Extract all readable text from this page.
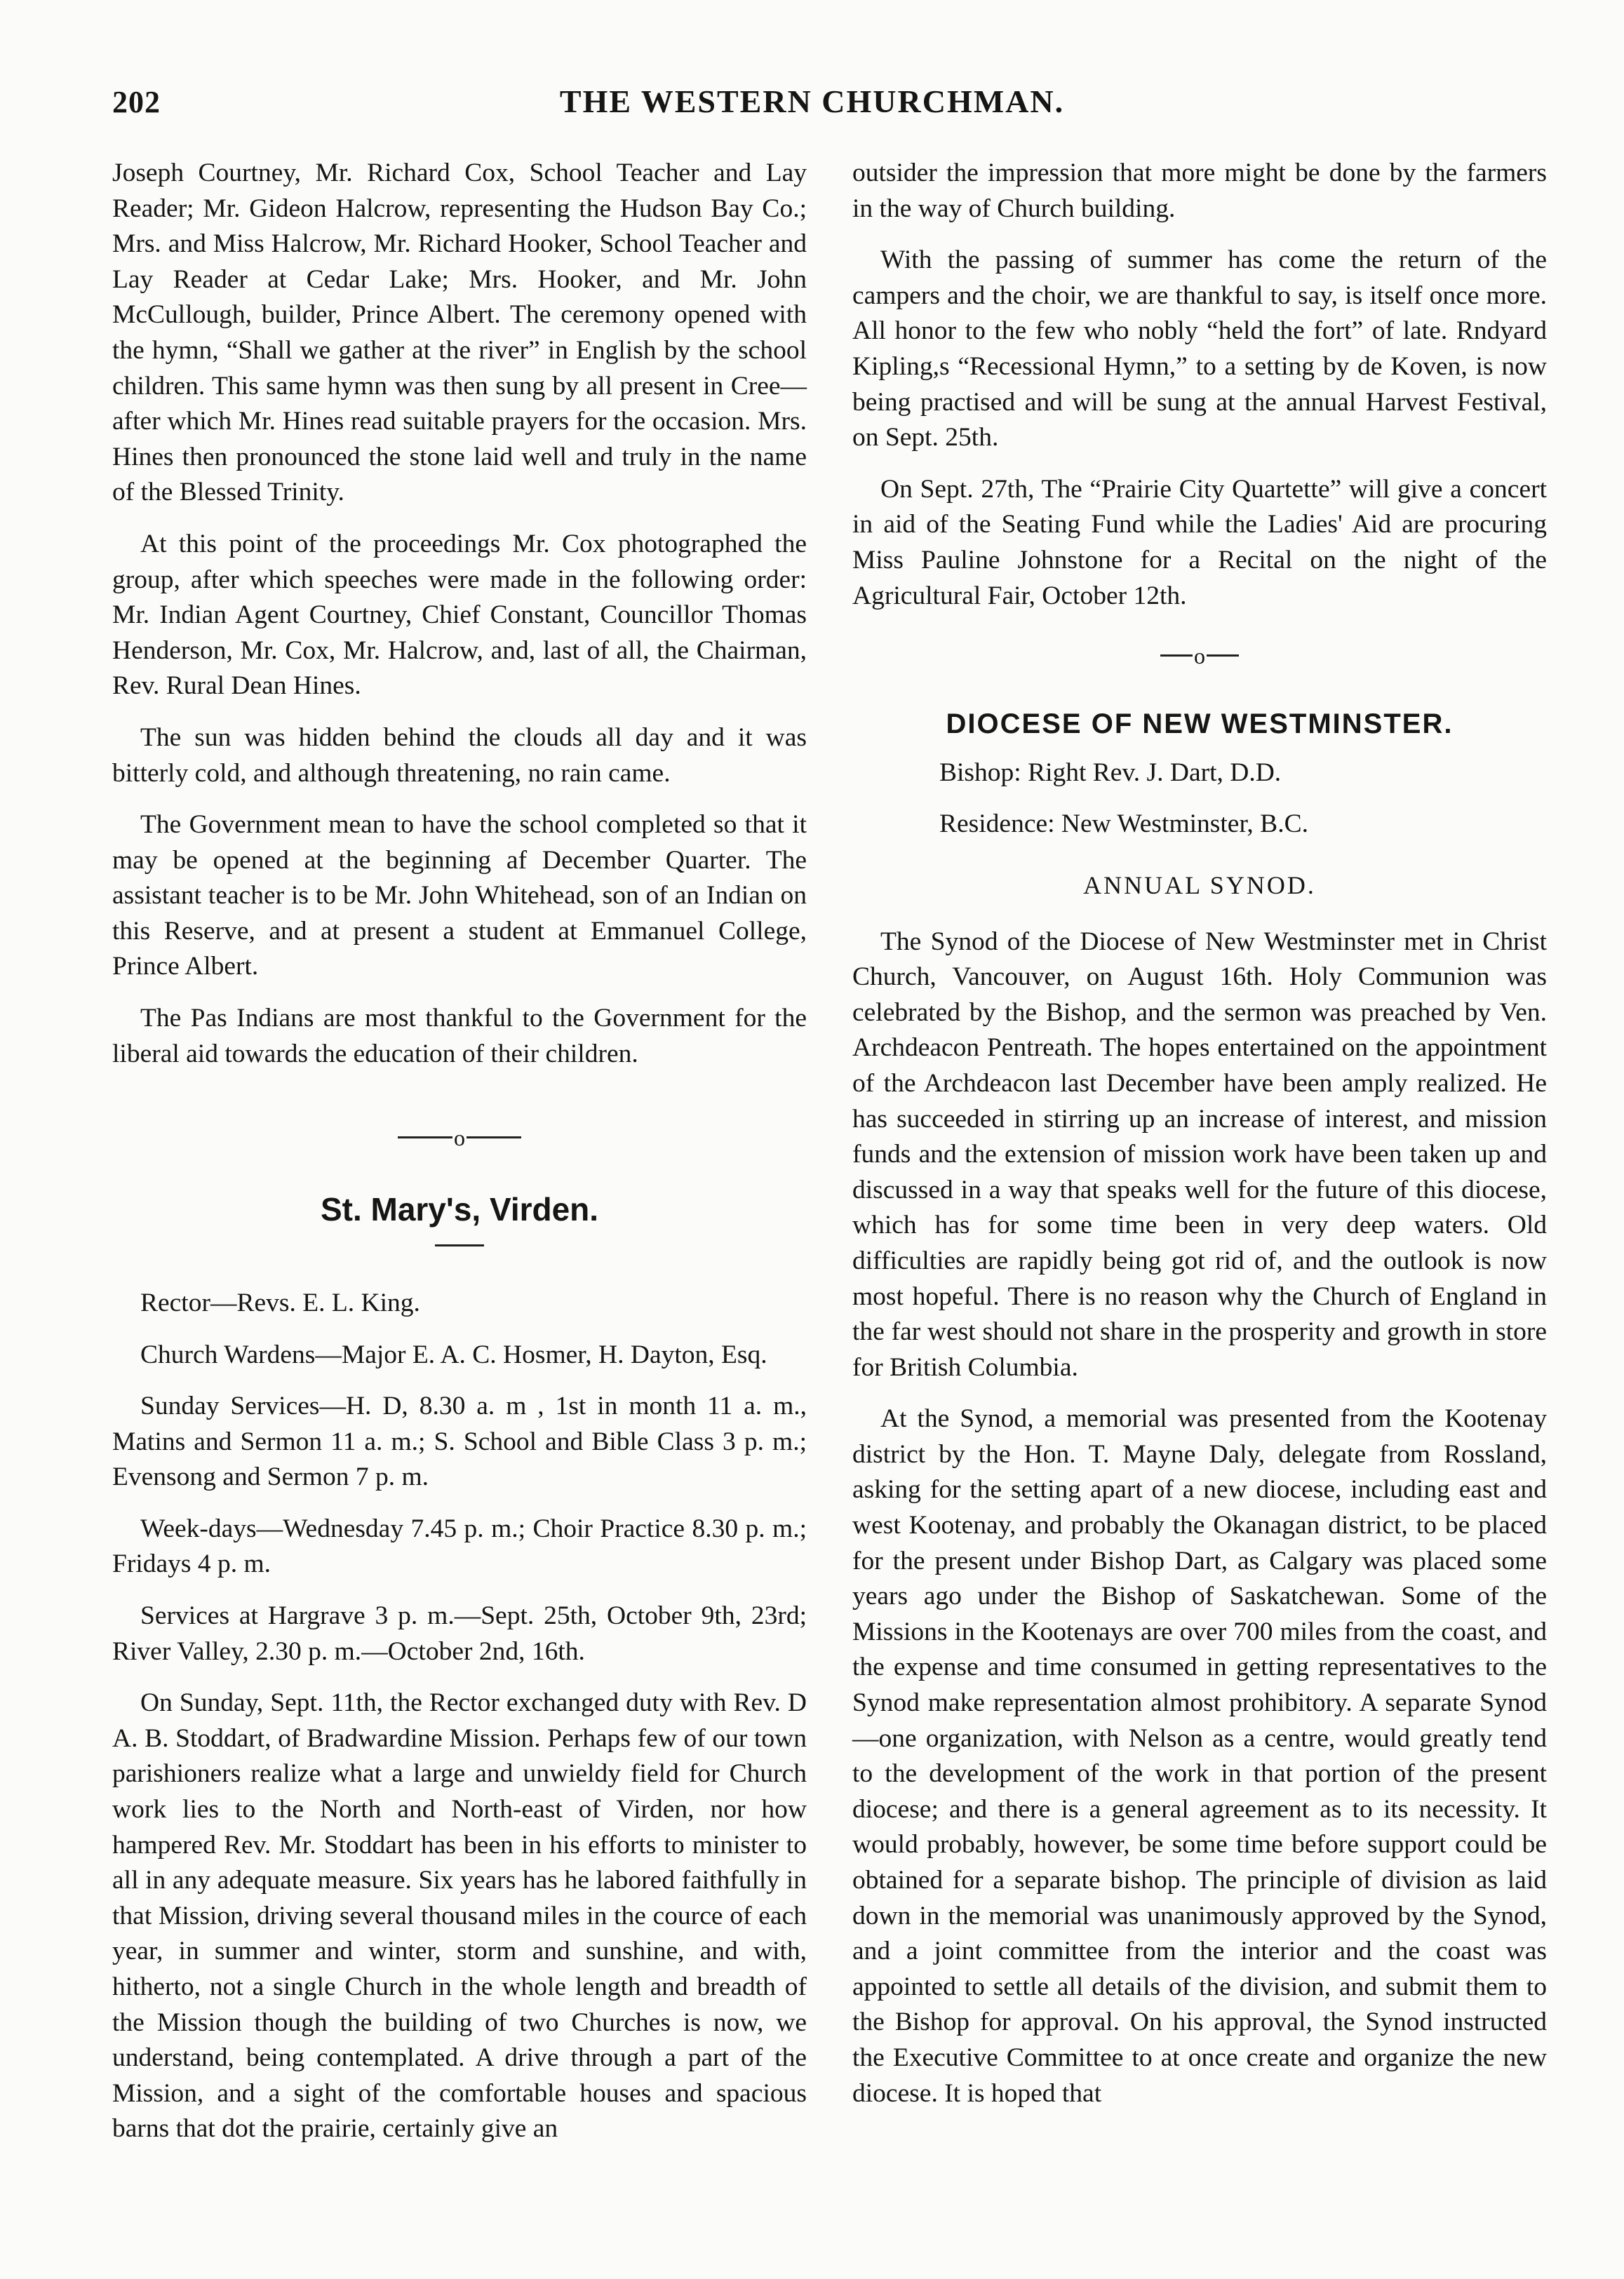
202	THE WESTERN CHURCHMAN.

Joseph Courtney, Mr. Richard Cox, School Teacher and Lay Reader; Mr. Gideon Halcrow, representing the Hudson Bay Co.; Mrs. and Miss Halcrow, Mr. Richard Hooker, School Teacher and Lay Reader at Cedar Lake; Mrs. Hooker, and Mr. John McCullough, builder, Prince Albert. The ceremony opened with the hymn, “Shall we gather at the river” in English by the school children. This same hymn was then sung by all present in Cree—after which Mr. Hines read suitable prayers for the occasion. Mrs. Hines then pronounced the stone laid well and truly in the name of the Blessed Trinity.

At this point of the proceedings Mr. Cox photographed the group, after which speeches were made in the following order: Mr. Indian Agent Courtney, Chief Constant, Councillor Thomas Henderson, Mr. Cox, Mr. Halcrow, and, last of all, the Chairman, Rev. Rural Dean Hines.

The sun was hidden behind the clouds all day and it was bitterly cold, and although threatening, no rain came.

The Government mean to have the school completed so that it may be opened at the beginning af December Quarter. The assistant teacher is to be Mr. John Whitehead, son of an Indian on this Reserve, and at present a student at Emmanuel College, Prince Albert.

The Pas Indians are most thankful to the Government for the liberal aid towards the education of their children.

o
St. Mary's, Virden.

Rector—Revs. E. L. King.

Church Wardens—Major E. A. C. Hosmer, H. Dayton, Esq.

Sunday Services—H. D, 8.30 a. m , 1st in month 11 a. m., Matins and Sermon 11 a. m.; S. School and Bible Class 3 p. m.; Evensong and Sermon 7 p. m.

Week-days—Wednesday 7.45 p. m.; Choir Practice 8.30 p. m.; Fridays 4 p. m.

Services at Hargrave 3 p. m.—Sept. 25th, October 9th, 23rd; River Valley, 2.30 p. m.—October 2nd, 16th.

On Sunday, Sept. 11th, the Rector exchanged duty with Rev. D A. B. Stoddart, of Bradwardine Mission. Perhaps few of our town parishioners realize what a large and unwieldy field for Church work lies to the North and North-east of Virden, nor how hampered Rev. Mr. Stoddart has been in his efforts to minister to all in any adequate measure. Six years has he labored faithfully in that Mission, driving several thousand miles in the cource of each year, in summer and winter, storm and sunshine, and with, hitherto, not a single Church in the whole length and breadth of the Mission though the building of two Churches is now, we understand, being contemplated. A drive through a part of the Mission, and a sight of the comfortable houses and spacious barns that dot the prairie, certainly give an

outsider the impression that more might be done by the farmers in the way of Church building.

With the passing of summer has come the return of the campers and the choir, we are thankful to say, is itself once more. All honor to the few who nobly “held the fort” of late. Rndyard Kipling,s “Recessional Hymn,” to a setting by de Koven, is now being practised and will be sung at the annual Harvest Festival, on Sept. 25th.

On Sept. 27th, The “Prairie City Quartette” will give a concert in aid of the Seating Fund while the Ladies' Aid are procuring Miss Pauline Johnstone for a Recital on the night of the Agricultural Fair, October 12th.

o
DIOCESE OF NEW WESTMINSTER.

Bishop: Right Rev. J. Dart, D.D.

Residence: New Westminster, B.C.

ANNUAL SYNOD.

The Synod of the Diocese of New Westminster met in Christ Church, Vancouver, on August 16th. Holy Communion was celebrated by the Bishop, and the sermon was preached by Ven. Archdeacon Pentreath. The hopes entertained on the appointment of the Archdeacon last December have been amply realized. He has succeeded in stirring up an increase of interest, and mission funds and the extension of mission work have been taken up and discussed in a way that speaks well for the future of this diocese, which has for some time been in very deep waters. Old difficulties are rapidly being got rid of, and the outlook is now most hopeful. There is no reason why the Church of England in the far west should not share in the prosperity and growth in store for British Columbia.

At the Synod, a memorial was presented from the Kootenay district by the Hon. T. Mayne Daly, delegate from Rossland, asking for the setting apart of a new diocese, including east and west Kootenay, and probably the Okanagan district, to be placed for the present under Bishop Dart, as Calgary was placed some years ago under the Bishop of Saskatchewan. Some of the Missions in the Kootenays are over 700 miles from the coast, and the expense and time consumed in getting representatives to the Synod make representation almost prohibitory. A separate Synod—one organization, with Nelson as a centre, would greatly tend to the development of the work in that portion of the present diocese; and there is a general agreement as to its necessity. It would probably, however, be some time before support could be obtained for a separate bishop. The principle of division as laid down in the memorial was unanimously approved by the Synod, and a joint committee from the interior and the coast was appointed to settle all details of the division, and submit them to the Bishop for approval. On his approval, the Synod instructed the Executive Committee to at once create and organize the new diocese. It is hoped that
